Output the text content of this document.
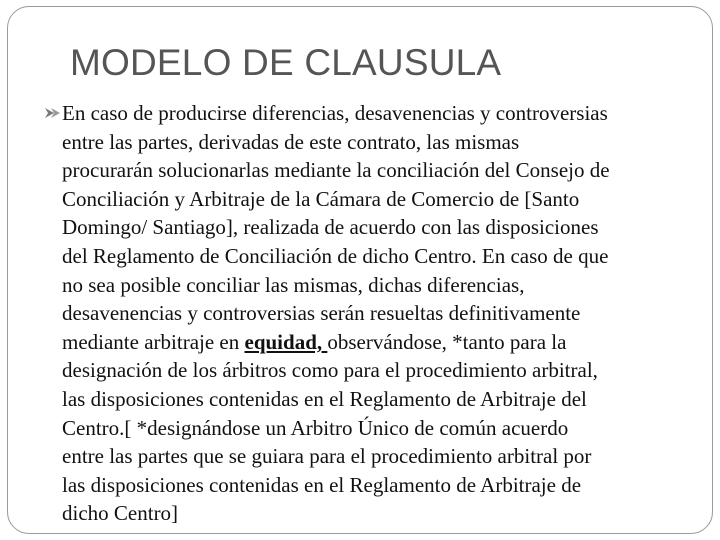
MODELO DE CLAUSULA
En caso de producirse diferencias, desavenencias y controversias
entre las partes, derivadas de este contrato, las mismas
procurarán solucionarlas mediante la conciliación del Consejo de
Conciliación y Arbitraje de la Cámara de Comercio de [Santo
Domingo/ Santiago], realizada de acuerdo con las disposiciones
del Reglamento de Conciliación de dicho Centro. En caso de que
no sea posible conciliar las mismas, dichas diferencias,
desavenencias y controversias serán resueltas definitivamente
mediante arbitraje en equidad, observándose, *tanto para la
designación de los árbitros como para el procedimiento arbitral,
las disposiciones contenidas en el Reglamento de Arbitraje del
Centro.[ *designándose un Arbitro Único de común acuerdo
entre las partes que se guiara para el procedimiento arbitral por
las disposiciones contenidas en el Reglamento de Arbitraje de
dicho Centro]
